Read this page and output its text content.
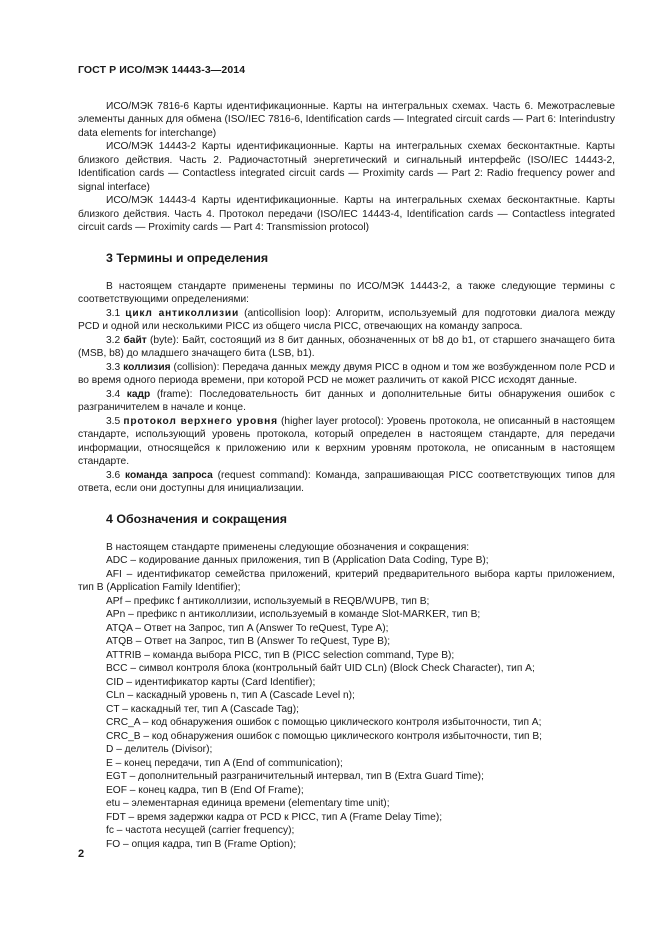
ГОСТ Р ИСО/МЭК 14443-3—2014

ИСО/МЭК 7816-6 Карты идентификационные. Карты на интегральных схемах. Часть 6. Межотраслевые элементы данных для обмена (ISO/IEC 7816-6, Identification cards — Integrated circuit cards — Part 6: Interindustry data elements for interchange)

ИСО/МЭК 14443-2 Карты идентификационные. Карты на интегральных схемах бесконтактные. Карты близкого действия. Часть 2. Радиочастотный энергетический и сигнальный интерфейс (ISO/IEC 14443-2, Identification cards — Contactless integrated circuit cards — Proximity cards — Part 2: Radio frequency power and signal interface)

ИСО/МЭК 14443-4 Карты идентификационные. Карты на интегральных схемах бесконтактные. Карты близкого действия. Часть 4. Протокол передачи (ISO/IEC 14443-4, Identification cards — Contactless integrated circuit cards — Proximity cards — Part 4: Transmission protocol)

3 Термины и определения

В настоящем стандарте применены термины по ИСО/МЭК 14443-2, а также следующие термины с соответствующими определениями:

3.1 цикл антиколлизии (anticollision loop): Алгоритм, используемый для подготовки диалога между PCD и одной или несколькими PICC из общего числа PICC, отвечающих на команду запроса.

3.2 байт (byte): Байт, состоящий из 8 бит данных, обозначенных от b8 до b1, от старшего значащего бита (MSB, b8) до младшего значащего бита (LSB, b1).

3.3 коллизия (collision): Передача данных между двумя PICC в одном и том же возбужденном поле PCD и во время одного периода времени, при которой PCD не может различить от какой PICC исходят данные.

3.4 кадр (frame): Последовательность бит данных и дополнительные биты обнаружения ошибок с разграничителем в начале и конце.

3.5 протокол верхнего уровня (higher layer protocol): Уровень протокола, не описанный в настоящем стандарте, использующий уровень протокола, который определен в настоящем стандарте, для передачи информации, относящейся к приложению или к верхним уровням протокола, не описанным в настоящем стандарте.

3.6 команда запроса (request command): Команда, запрашивающая PICC соответствующих типов для ответа, если они доступны для инициализации.

4 Обозначения и сокращения

В настоящем стандарте применены следующие обозначения и сокращения:

ADC – кодирование данных приложения, тип B (Application Data Coding, Type B);

AFI – идентификатор семейства приложений, критерий предварительного выбора карты приложением, тип B (Application Family Identifier);

APf – префикс f антиколлизии, используемый в REQB/WUPB, тип B;

APn – префикс n антиколлизии, используемый в команде Slot-MARKER, тип B;

ATQA – Ответ на Запрос, тип A (Answer To reQuest, Type A);

ATQB – Ответ на Запрос, тип B (Answer To reQuest, Type B);

ATTRIB – команда выбора PICC, тип B (PICC selection command, Type B);

BCC – символ контроля блока (контрольный байт UID CLn) (Block Check Character), тип A;

CID – идентификатор карты (Card Identifier);

CLn – каскадный уровень n, тип A (Cascade Level n);

CT – каскадный тег, тип A (Cascade Tag);

CRC_A – код обнаружения ошибок с помощью циклического контроля избыточности, тип A;

CRC_B – код обнаружения ошибок с помощью циклического контроля избыточности, тип B;

D – делитель (Divisor);

E – конец передачи, тип A (End of communication);

EGT – дополнительный разграничительный интервал, тип B (Extra Guard Time);

EOF – конец кадра, тип B (End Of Frame);

etu – элементарная единица времени (elementary time unit);

FDT – время задержки кадра от PCD к PICC, тип A (Frame Delay Time);

fc – частота несущей (carrier frequency);

FO – опция кадра, тип B (Frame Option);

2
